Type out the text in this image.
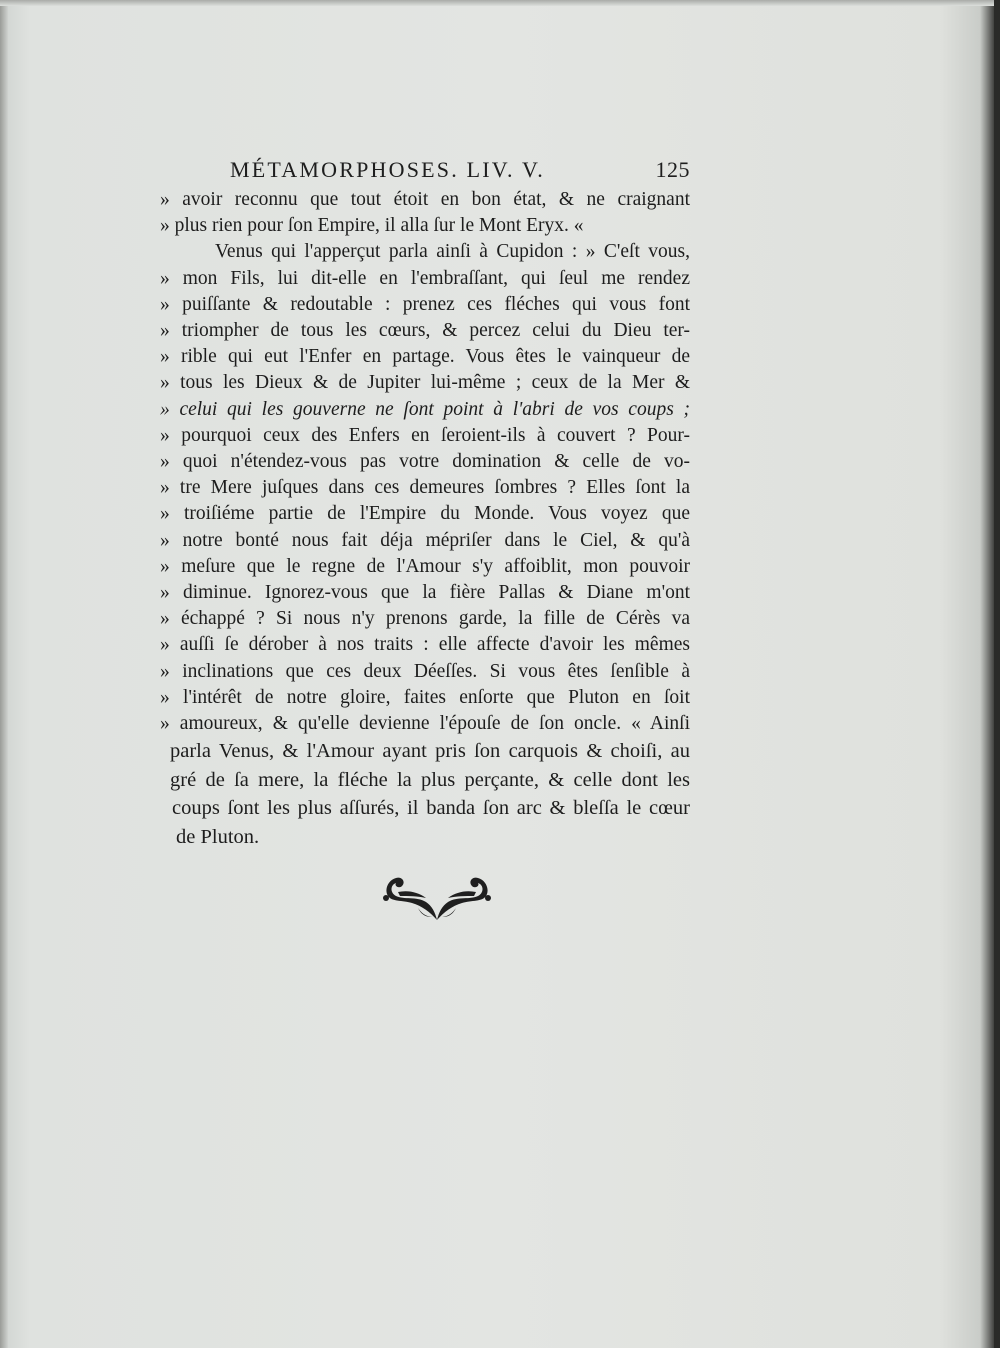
MÉTAMORPHOSES. LIV. V.	125
» avoir reconnu que tout étoit en bon état, & ne craignant
» plus rien pour ſon Empire, il alla ſur le Mont Eryx. «
Venus qui l'apperçut parla ainſi à Cupidon : » C'eſt vous,
» mon Fils, lui dit-elle en l'embraſſant, qui ſeul me rendez
» puiſſante & redoutable : prenez ces fléches qui vous font
» triompher de tous les cœurs, & percez celui du Dieu ter-
» rible qui eut l'Enfer en partage. Vous êtes le vainqueur de
» tous les Dieux & de Jupiter lui-même ; ceux de la Mer &
» celui qui les gouverne ne ſont point à l'abri de vos coups ;
» pourquoi ceux des Enfers en ſeroient-ils à couvert ? Pour-
» quoi n'étendez-vous pas votre domination & celle de vo-
» tre Mere juſques dans ces demeures ſombres ? Elles ſont la
» troiſiéme partie de l'Empire du Monde. Vous voyez que
» notre bonté nous fait déja mépriſer dans le Ciel, & qu'à
» meſure que le regne de l'Amour s'y affoiblit, mon pouvoir
» diminue. Ignorez-vous que la fière Pallas & Diane m'ont
» échappé ? Si nous n'y prenons garde, la fille de Cérès va
» auſſi ſe dérober à nos traits : elle affecte d'avoir les mêmes
» inclinations que ces deux Déeſſes. Si vous êtes ſenſible à
» l'intérêt de notre gloire, faites enſorte que Pluton en ſoit
» amoureux, & qu'elle devienne l'épouſe de ſon oncle. « Ainſi
parla Venus, & l'Amour ayant pris ſon carquois & choiſi, au
gré de ſa mere, la fléche la plus perçante, & celle dont les
coups ſont les plus aſſurés, il banda ſon arc & bleſſa le cœur
de Pluton.
